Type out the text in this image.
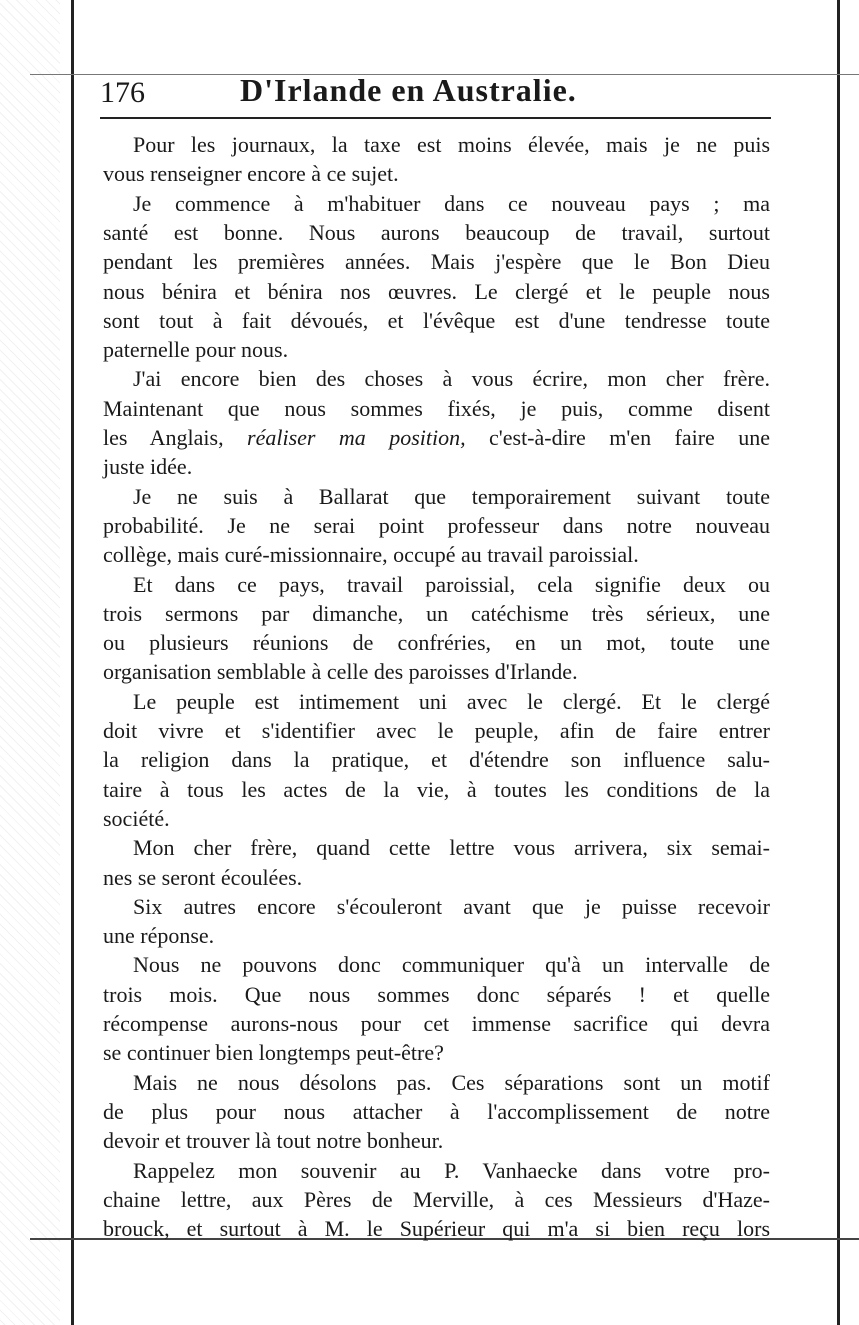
176	D'Irlande en Australie.
Pour les journaux, la taxe est moins élevée, mais je ne puis
vous renseigner encore à ce sujet.
Je commence à m'habituer dans ce nouveau pays ; ma
santé est bonne. Nous aurons beaucoup de travail, surtout
pendant les premières années. Mais j'espère que le Bon Dieu
nous bénira et bénira nos œuvres. Le clergé et le peuple nous
sont tout à fait dévoués, et l'évêque est d'une tendresse toute
paternelle pour nous.
J'ai encore bien des choses à vous écrire, mon cher frère.
Maintenant que nous sommes fixés, je puis, comme disent
les Anglais, réaliser ma position, c'est-à-dire m'en faire une
juste idée.
Je ne suis à Ballarat que temporairement suivant toute
probabilité. Je ne serai point professeur dans notre nouveau
collège, mais curé-missionnaire, occupé au travail paroissial.
Et dans ce pays, travail paroissial, cela signifie deux ou
trois sermons par dimanche, un catéchisme très sérieux, une
ou plusieurs réunions de confréries, en un mot, toute une
organisation semblable à celle des paroisses d'Irlande.
Le peuple est intimement uni avec le clergé. Et le clergé
doit vivre et s'identifier avec le peuple, afin de faire entrer
la religion dans la pratique, et d'étendre son influence salu-
taire à tous les actes de la vie, à toutes les conditions de la
société.
Mon cher frère, quand cette lettre vous arrivera, six semai-
nes se seront écoulées.
Six autres encore s'écouleront avant que je puisse recevoir
une réponse.
Nous ne pouvons donc communiquer qu'à un intervalle de
trois mois. Que nous sommes donc séparés ! et quelle
récompense aurons-nous pour cet immense sacrifice qui devra
se continuer bien longtemps peut-être?
Mais ne nous désolons pas. Ces séparations sont un motif
de plus pour nous attacher à l'accomplissement de notre
devoir et trouver là tout notre bonheur.
Rappelez mon souvenir au P. Vanhaecke dans votre pro-
chaine lettre, aux Pères de Merville, à ces Messieurs d'Haze-
brouck, et surtout à M. le Supérieur qui m'a si bien reçu lors
